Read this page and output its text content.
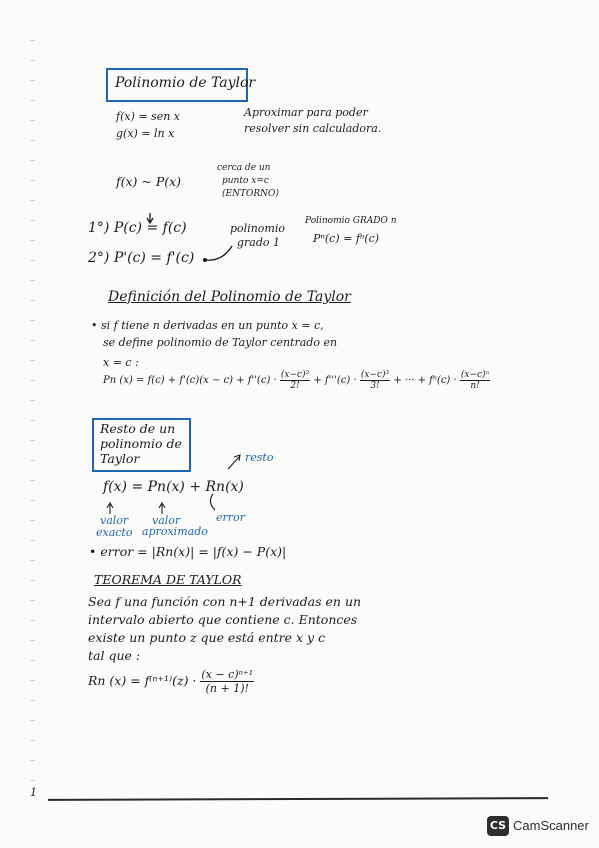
Polinomio de Taylor
f(x) = sen x
g(x) = ln x
Aproximar para poder
resolver sin calculadora.
f(x) ~ P(x)
cerca de un
punto x=c
(ENTORNO)
1°) P(c) = f(c)
2°) P'(c) = f'(c)
polinomio
grado 1
Polinomio GRADO n
Pⁿ(c) = fⁿ(c)
Definición del Polinomio de Taylor
• si f tiene n derivadas en un punto x = c,
se define polinomio de Taylor centrado en
x = c :
Pn $(x) = f(c) + f'(c)(x - c) + f''(c) \cdot \frac{\text{(x−c)²}}{2!} + f'''(c) \cdot \frac{\text{(x−c)³}}{3!}$ + ··· + $f^n(c) \cdot \frac{\text{(x−c)ⁿ}}{n!}$
Resto de un
polinomio de
Taylor	resto
f(x) = Pn(x) + Rn(x)
valor
exacto
valor
aproximado
error
• error = |Rn(x)| = |f(x) − P(x)|
TEOREMA DE TAYLOR
Sea f una función con n+1 derivadas en un
intervalo abierto que contiene c. Entonces
existe un punto z que está entre x y c
tal que :
Rn $(x) = f^{(n+1)}(z) \cdot \frac{\text{(x − c)ⁿ⁺¹}}{(n + 1)!}$
1
CS CamScanner
